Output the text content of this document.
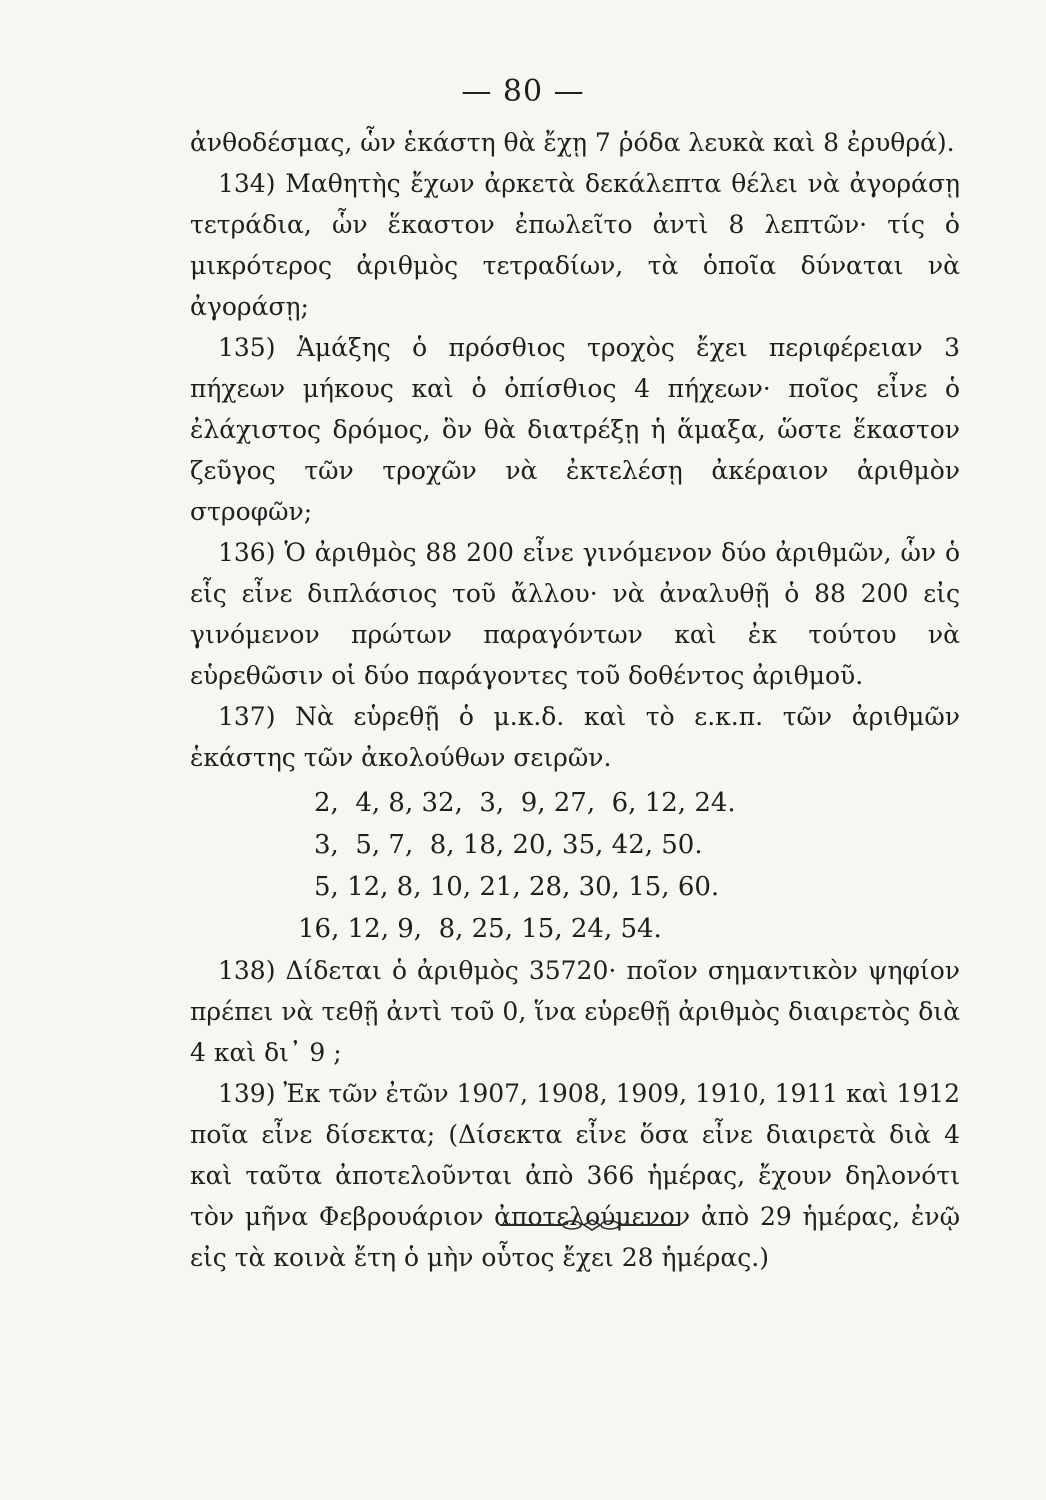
— 80 —

ἀνθοδέσμας, ὧν ἑκάστη θὰ ἔχῃ 7 ῥόδα λευκὰ καὶ 8 ἐρυθρά).

134) Μαθητὴς ἔχων ἀρκετὰ δεκάλεπτα θέλει νὰ ἀγοράσῃ τετράδια, ὧν ἕκαστον ἐπωλεῖτο ἀντὶ 8 λεπτῶν· τίς ὁ μικρότερος ἀριθμὸς τετραδίων, τὰ ὁποῖα δύναται νὰ ἀγοράσῃ;

135) Ἁμάξης ὁ πρόσθιος τροχὸς ἔχει περιφέρειαν 3 πήχεων μήκους καὶ ὁ ὀπίσθιος 4 πήχεων· ποῖος εἶνε ὁ ἐλάχιστος δρόμος, ὃν θὰ διατρέξῃ ἡ ἅμαξα, ὥστε ἕκαστον ζεῦγος τῶν τροχῶν νὰ ἐκτελέσῃ ἀκέραιον ἀριθμὸν στροφῶν;

136) Ὁ ἀριθμὸς 88 200 εἶνε γινόμενον δύο ἀριθμῶν, ὧν ὁ εἷς εἶνε διπλάσιος τοῦ ἄλλου· νὰ ἀναλυθῇ ὁ 88 200 εἰς γινόμενον πρώτων παραγόντων καὶ ἐκ τούτου νὰ εὑρεθῶσιν οἱ δύο παράγοντες τοῦ δοθέντος ἀριθμοῦ.

137) Νὰ εὑρεθῇ ὁ μ.κ.δ. καὶ τὸ ε.κ.π. τῶν ἀριθμῶν ἑκάστης τῶν ἀκολούθων σειρῶν.

2,  4, 8, 32,  3,  9, 27,  6, 12, 24.
3,  5, 7,  8, 18, 20, 35, 42, 50.
5, 12, 8, 10, 21, 28, 30, 15, 60.
16, 12, 9,  8, 25, 15, 24, 54.

138) Δίδεται ὁ ἀριθμὸς 35720· ποῖον σημαντικὸν ψηφίον πρέπει νὰ τεθῇ ἀντὶ τοῦ 0, ἵνα εὑρεθῇ ἀριθμὸς διαιρετὸς διὰ 4 καὶ δι᾽ 9 ;

139) Ἐκ τῶν ἐτῶν 1907, 1908, 1909, 1910, 1911 καὶ 1912 ποῖα εἶνε δίσεκτα; (Δίσεκτα εἶνε ὅσα εἶνε διαιρετὰ διὰ 4 καὶ ταῦτα ἀποτελοῦνται ἀπὸ 366 ἡμέρας, ἔχουν δηλονότι τὸν μῆνα Φεβρουάριον ἀποτελούμενον ἀπὸ 29 ἡμέρας, ἐνῷ εἰς τὰ κοινὰ ἔτη ὁ μὴν οὗτος ἔχει 28 ἡμέρας.)
